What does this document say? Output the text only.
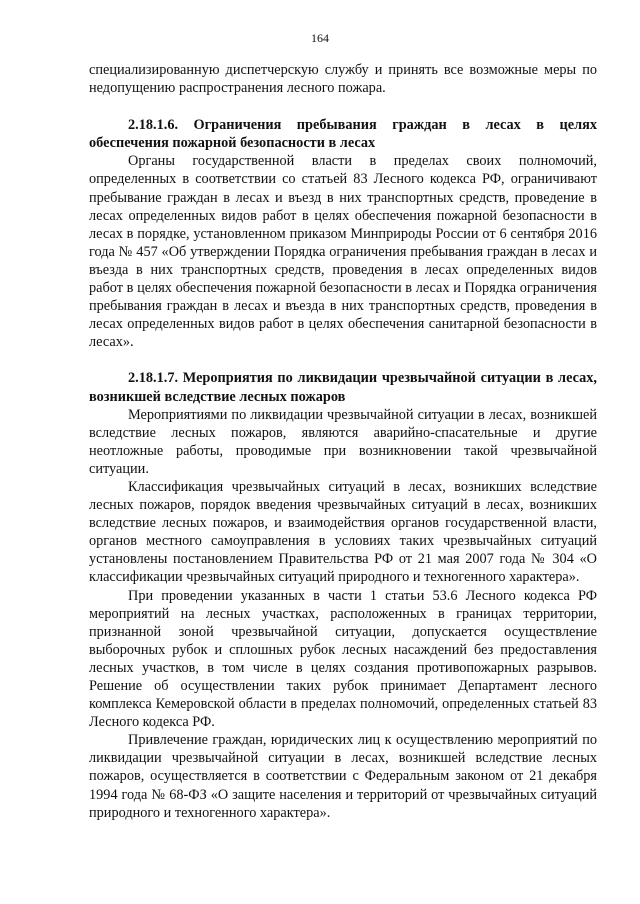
164

специализированную диспетчерскую службу и принять все возможные меры по недопущению распространения лесного пожара.

2.18.1.6. Ограничения пребывания граждан в лесах в целях обеспечения пожарной безопасности в лесах

Органы государственной власти в пределах своих полномочий, определенных в соответствии со статьей 83 Лесного кодекса РФ, ограничивают пребывание граждан в лесах и въезд в них транспортных средств, проведение в лесах определенных видов работ в целях обеспечения пожарной безопасности в лесах в порядке, установленном приказом Минприроды России от 6 сентября 2016 года № 457 «Об утверждении Порядка ограничения пребывания граждан в лесах и въезда в них транспортных средств, проведения в лесах определенных видов работ в целях обеспечения пожарной безопасности в лесах и Порядка ограничения пребывания граждан в лесах и въезда в них транспортных средств, проведения в лесах определенных видов работ в целях обеспечения санитарной безопасности в лесах».

2.18.1.7. Мероприятия по ликвидации чрезвычайной ситуации в лесах, возникшей вследствие лесных пожаров

Мероприятиями по ликвидации чрезвычайной ситуации в лесах, возникшей вследствие лесных пожаров, являются аварийно-спасательные и другие неотложные работы, проводимые при возникновении такой чрезвычайной ситуации.

Классификация чрезвычайных ситуаций в лесах, возникших вследствие лесных пожаров, порядок введения чрезвычайных ситуаций в лесах, возникших вследствие лесных пожаров, и взаимодействия органов государственной власти, органов местного самоуправления в условиях таких чрезвычайных ситуаций установлены постановлением Правительства РФ от 21 мая 2007 года № 304 «О классификации чрезвычайных ситуаций природного и техногенного характера».

При проведении указанных в части 1 статьи 53.6 Лесного кодекса РФ мероприятий на лесных участках, расположенных в границах территории, признанной зоной чрезвычайной ситуации, допускается осуществление выборочных рубок и сплошных рубок лесных насаждений без предоставления лесных участков, в том числе в целях создания противопожарных разрывов. Решение об осуществлении таких рубок принимает Департамент лесного комплекса Кемеровской области в пределах полномочий, определенных статьей 83 Лесного кодекса РФ.

Привлечение граждан, юридических лиц к осуществлению мероприятий по ликвидации чрезвычайной ситуации в лесах, возникшей вследствие лесных пожаров, осуществляется в соответствии с Федеральным законом от 21 декабря 1994 года № 68-ФЗ «О защите населения и территорий от чрезвычайных ситуаций природного и техногенного характера».
